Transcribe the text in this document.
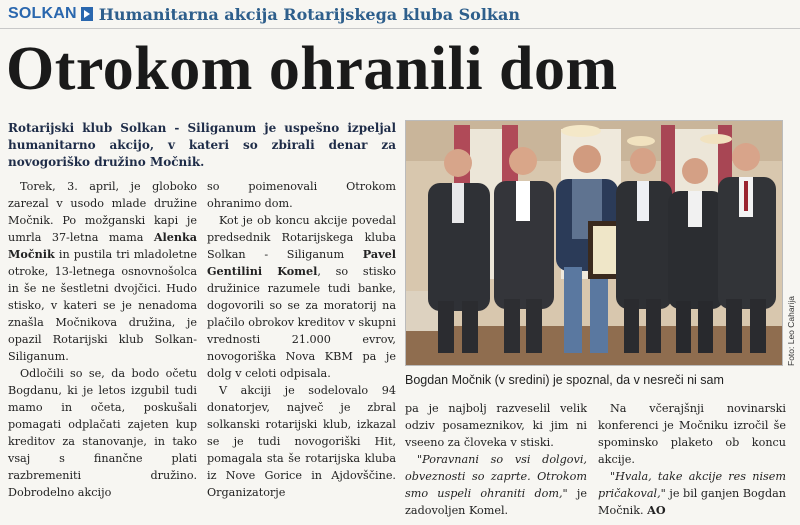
SOLKAN Humanitarna akcija Rotarijskega kluba Solkan
Otrokom ohranili dom

Rotarijski klub Solkan - Siliganum je uspešno izpeljal humanitarno akcijo, v kateri so zbirali denar za novogoriško družino Močnik.

Torek, 3. april, je globoko zarezal v usodo mlade družine Močnik. Po možganski kapi je umrla 37-letna mama Alenka Močnik in pustila tri mladoletne otroke, 13-letnega osnovnošolca in še ne šestletni dvojčici. Hudo stisko, v kateri se je nenadoma znašla Močnikova družina, je opazil Rotarijski klub Solkan-Siliganum.

Odločili so se, da bodo očetu Bogdanu, ki je letos izgubil tudi mamo in očeta, poskušali pomagati odplačati zajeten kup kreditov za stanovanje, in tako vsaj s finančne plati razbremeniti družino. Dobrodelno akcijo

so poimenovali Otrokom ohranimo dom.

Kot je ob koncu akcije povedal predsednik Rotarijskega kluba Solkan - Siliganum Pavel Gentilini Komel, so stisko družinice razumele tudi banke, dogovorili so se za moratorij na plačilo obrokov kreditov v skupni vrednosti 21.000 evrov, novogoriška Nova KBM pa je dolg v celoti odpisala.

V akciji je sodelovalo 94 donatorjev, največ je zbral solkanski rotarijski klub, izkazal se je tudi novogoriški Hit, pomagala sta še rotarijska kluba iz Nove Gorice in Ajdovščine. Organizatorje

Foto: Leo Caharija
Bogdan Močnik (v sredini) je spoznal, da v nesreči ni sam

pa je najbolj razveselil velik odziv posameznikov, ki jim ni vseeno za človeka v stiski.

"Poravnani so vsi dolgovi, obveznosti so zaprte. Otrokom smo uspeli ohraniti dom," je zadovoljen Komel.

Na včerajšnji novinarski konferenci je Močniku izročil še spominsko plaketo ob koncu akcije.

"Hvala, take akcije res nisem pričakoval," je bil ganjen Bogdan Močnik. AO
